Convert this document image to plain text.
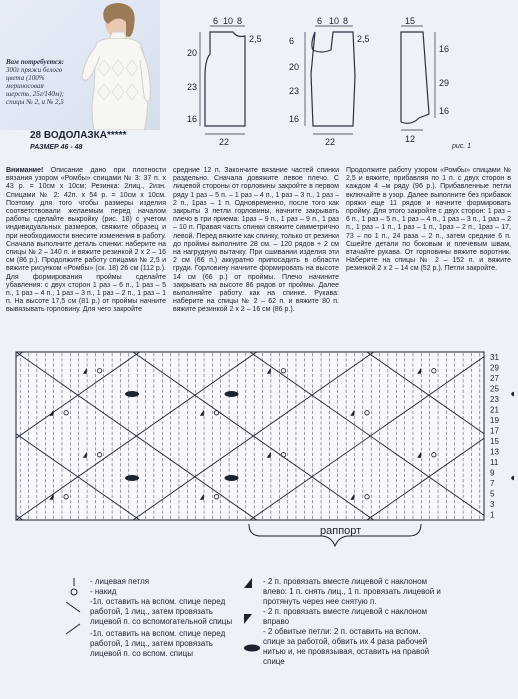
Вам потребуется: 300г пряжи белого цвета (100% мериносовая шерсть, 25г/140м); спицы № 2, и № 2,5
28 ВОДОЛАЗКА*****
РАЗМЕР 46 - 48
6 10 8
2,5
20
23
16
22
6 10 8
2,5
6
20
23
16
22
15
16
29
16
12
рис. 1
Внимание! Описание дано при плотности вязания узором «Ромбы» спицами № 3: 37 п. x 43 р. = 10см x 10см; Резинка: 2лиц., 2изн. Спицами № 2: 42п. x 54 р. = 10см x 10см. Поэтому для того чтобы размеры изделия соответствовали желаемым перед началом работы сделайте выкройку (рис. 18) с учетом индивидуальных размеров, свяжите образец и при необходимости внесите изменения в работу. Сначала выполните деталь спинки: наберите на спицы № 2 – 140 п. и вяжите резинкой 2 x 2 – 16 см (86 р.). Продолжите работу спицами № 2,5 и вяжите рисунком «Ромбы» (ск. 18) 26 см (112 р.). Для формирования проймы сделайте убавления: с двух сторон 1 раз – 6 п., 1 раз – 5 п., 1 раз – 4 п., 1 раз – 3 п., 1 раз – 2 п., 1 раз – 1 п. На высоте 17,5 см (81 р.) от проймы начните вывязывать горловину. Для чего закройте
средние 12 п. Закончите вязание частей спинки раздельно. Сначала довяжите левое плечо. С лицевой стороны от горловины закройте в первом ряду 1 раз – 5 п. – 1 раз – 4 п., 1 раз – 3 п., 1 раз – 2 п., 1раз – 1 п. Одновременно, после того как закрыты 3 петли горловины, начните закрывать плечо в три приема: 1раз – 9 п., 1 раз – 9 п., 1 раз – 10 п. Правая часть спинки свяжите симметрично левой. Перед вяжите как спинку, только от резинки до проймы выполните 28 см. – 120 рядов + 2 см на нагрудную вытачку. При сшивании изделия эти 2 см (66 п.) аккуратно припосадить в области груди. Горловину начните формировать на высоте 14 см (66 р.) от проймы. Плечо начините закрывать на высоте 86 рядов от проймы. Далее выполняйте работу как на спинке. Рукава: наберите на спицы № 2 – 62 п. и вяжите 80 п. вяжите резинкой 2 x 2 – 16 см (86 р.).
Продолжите работу узором «Ромбы» спицами № 2,5 и вяжите, прибавляя по 1 п. с двух сторон в каждом 4 –м ряду (96 р.). Прибавленные петли включайте в узор. Далее выполните без прибавок пряжи еще 11 рядов и начните формировать пройму. Для этого закройте с двух сторон: 1 раз – 6 п., 1 раз – 5 п., 1 раз – 4 п., 1 раз – 3 п., 1 раз – 2 п., 1 раз – 1 п., 1 раз – 1 п., 1раз – 2 п., 1раз – 17, 73 – по 1 п., 24 раза – 2 п., затем средние 6 п. Сшейте детали по боковым и плечевым швам, втачайте рукава. От горловины вяжите воротник. Наберите на спицы № 2 – 152 п. и вяжите резинкой 2 x 2 – 14 см (52 р.). Петли закройте.
31
29
27
25
23
21
19
17
15
13
11
9
7
5
3
1
раппорт
- лицевая петля
- накид
-1п. оставить на вспом. спице перед работой, 1 лиц., затем провязать лицевой п. со вспомогательной спицы
-1п. оставить на вспом. спице перед работой, 1 лиц., затем провязать лицевой п. со вспом. спицы
- 2 п. провязать вместе лицевой с наклоном влево: 1 п. снять лиц., 1 п. провязать лицевой и протянуть через нее снятую п.
- 2 п. провязать вместе лицевой с наклоном вправо
- 2 обвитые петли: 2 п. оставить на вспом. спице за работой, обвить их 4 раза рабочей нитью и, не провязывая, оставить на правой спице
